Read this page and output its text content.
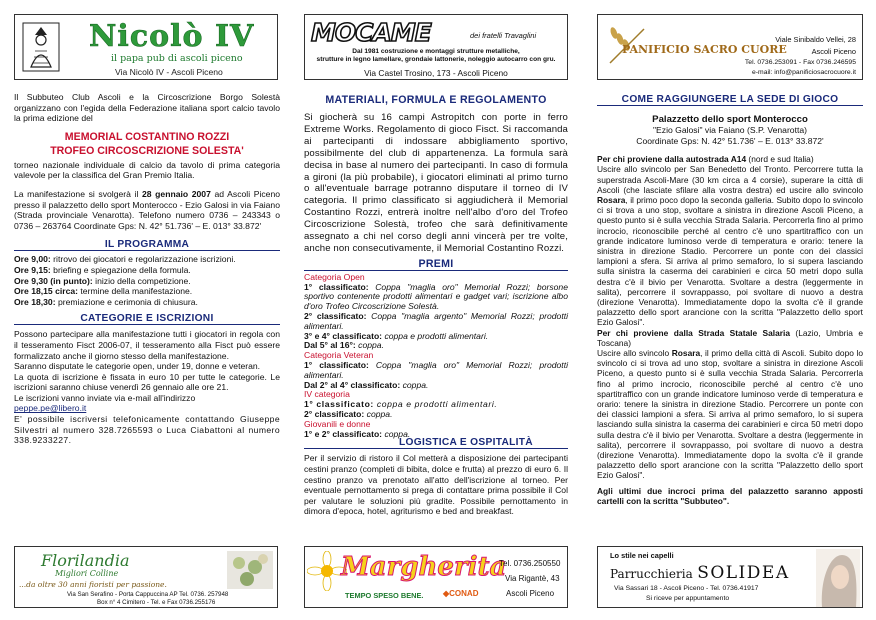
Nicolò IV
il papa pub di ascoli piceno
Via Nicolò IV - Ascoli Piceno

Il Subbuteo Club Ascoli e la Circoscrizione Borgo Solestà organizzano con l'egida della Federazione italiana sport calcio tavolo la prima edizione del

MEMORIAL COSTANTINO ROZZI
TROFEO CIRCOSCRIZIONE SOLESTA'

torneo nazionale individuale di calcio da tavolo di prima categoria valevole per la classifica del Gran Premio Italia.

La manifestazione si svolgerà il 28 gennaio 2007 ad Ascoli Piceno presso il palazzetto dello sport Monterocco - Ezio Galosi in via Faiano (Strada provinciale Venarotta). Telefono numero 0736 – 243343 o 0736 – 263764 Coordinate Gps: N. 42° 51.736' – E. 013° 33.872'

IL PROGRAMMA
Ore 9,00: ritrovo dei giocatori e regolarizzazione iscrizioni.
Ore 9,15: briefing e spiegazione della formula.
Ore 9,30 (in punto): inizio della competizione.
Ore 18,15 circa: termine della manifestazione.
Ore 18,30: premiazione e cerimonia di chiusura.
CATEGORIE E ISCRIZIONI

Possono partecipare alla manifestazione tutti i giocatori in regola con il tesseramento Fisct 2006-07, il tesseramento alla Fisct può essere formalizzato anche il giorno stesso della manifestazione.

Saranno disputate le categorie open, under 19, donne e veteran.

La quota di iscrizione è fissata in euro 10 per tutte le categorie. Le iscrizioni saranno chiuse venerdì 26 gennaio alle ore 21.

Le iscrizioni vanno inviate via e-mail all'indirizzo

peppe.pe@libero.it

E' possibile iscriversi telefonicamente contattando Giuseppe Silvestri al numero 328.7265593 o Luca Ciabattoni al numero 338.9233227.

Florilandia
Migliori Colline
...da oltre 30 anni fioristi per passione.
Via San Serafino - Porta Cappuccina AP Tel. 0736. 257948
Box n° 4 Cimitero - Tel. e Fax 0736.255176
MOCAME	dei fratelli Travaglini
Dal 1981 costruzione e montaggi strutture metalliche,
strutture in legno lamellare, grondaie lattonerie, noleggio autocarro con gru.
Via Castel Trosino, 173 - Ascoli Piceno
MATERIALI, FORMULA E REGOLAMENTO

Si giocherà su 16 campi Astropitch con porte in ferro Extreme Works. Regolamento di gioco Fisct. Si raccomanda ai partecipanti di indossare abbigliamento sportivo, possibilmente del club di appartenenza. La formula sarà decisa in base al numero dei partecipanti. In caso di formula a gironi (la più probabile), i giocatori eliminati al primo turno o all'eventuale barrage potranno disputare il torneo di IV categoria. Il primo classificato si aggiudicherà il Memorial Costantino Rozzi, entrerà inoltre nell'albo d'oro del Trofeo Circoscrizione Solestà, trofeo che sarà definitivamente assegnato a chi nel corso degli anni vincerà per tre volte, anche non consecutivamente, il Memorial Costantino Rozzi.

PREMI
Categoria Open
1° classificato: Coppa "maglia oro" Memorial Rozzi; borsone sportivo contenente prodotti alimentari e gadget vari; iscrizione albo d'oro Trofeo Circoscrizione Solestà.
2° classificato: Coppa "maglia argento" Memorial Rozzi; prodotti alimentari.
3° e 4° classificato: coppa e prodotti alimentari.
Dal 5° al 16°: coppa.
Categoria Veteran
1° classificato: Coppa "maglia oro" Memorial Rozzi; prodotti alimentari.
Dal 2° al 4° classificato: coppa.
IV categoria
1° classificato: coppa e prodotti alimentari.
2° classificato: coppa.
Giovanili e donne
1° e 2° classificato: coppa.
LOGISTICA E OSPITALITÀ

Per il servizio di ristoro il Col metterà a disposizione dei partecipanti cestini pranzo (completi di bibita, dolce e frutta) al prezzo di euro 6. Il cestino pranzo va prenotato all'atto dell'iscrizione al torneo. Per eventuale pernottamento si prega di contattare prima possibile il Col per valutare le soluzioni più gradite. Possibile pernottamento in dimora d'epoca, hotel, agriturismo e bed and breakfast.

Margherita
TEMPO SPESO BENE. ◆CONAD
Tel. 0736.250550
Via Rigantè, 43
Ascoli Piceno
PANIFICIO SACRO CUORE
Viale Sinibaldo Vellei, 28
Ascoli Piceno
Tel. 0736.253091 - Fax 0736.246595
e-mail: info@panificiosacrocuore.it
COME RAGGIUNGERE LA SEDE DI GIOCO
Palazzetto dello sport Monterocco
"Ezio Galosi" via Faiano (S.P. Venarotta)
Coordinate Gps: N. 42° 51.736' – E. 013° 33.872'

Per chi proviene dalla autostrada A14 (nord e sud Italia)
Uscire allo svincolo per San Benedetto del Tronto. Percorrere tutta la superstrada Ascoli-Mare (30 km circa a 4 corsie), superare la città di Ascoli (che lasciate sfilare alla vostra destra) ed uscire allo svincolo Rosara, il primo poco dopo la seconda galleria. Subito dopo lo svincolo ci si trova a uno stop, svoltare a sinistra in direzione Ascoli Piceno, a questo punto si è sulla vecchia Strada Salaria. Percorrerla fino al primo incrocio, riconoscibile perché al centro c'è uno spartitraffico con un grande indicatore luminoso verde di temperatura e orario: tenere la sinistra in direzione Stadio. Percorrere un ponte con dei classici lampioni a sfera. Si arriva al primo semaforo, lo si supera lasciando sulla sinistra la caserma dei carabinieri e circa 50 metri dopo sulla destra c'è il bivio per Venarotta. Svoltare a destra (leggermente in salita), percorrere il sovrappasso, poi svoltare di nuovo a destra (direzione Venarotta). Immediatamente dopo la svolta c'è il grande palazzetto dello sport arancione con la scritta "Palazzetto dello sport Ezio Galosi".

Per chi proviene dalla Strada Statale Salaria (Lazio, Umbria e Toscana)
Uscire allo svincolo Rosara, il primo della città di Ascoli. Subito dopo lo svincolo ci si trova ad uno stop, svoltare a sinistra in direzione Ascoli Piceno, a questo punto si è sulla vecchia Strada Salaria. Percorrerla fino al primo incrocio, riconoscibile perché al centro c'è uno spartitraffico con un grande indicatore luminoso verde di temperatura e orario: tenere la sinistra in direzione Stadio. Percorrere un ponte con dei classici lampioni a sfera. Si arriva al primo semaforo, lo si supera lasciando sulla sinistra la caserma dei carabinieri e circa 50 metri dopo sulla destra c'è il bivio per Venarotta. Svoltare a destra (leggermente in salita), percorrere il sovrappasso, poi svoltare di nuovo a destra (direzione Venarotta). Immediatamente dopo la svolta c'è il grande palazzetto dello sport arancione con la scritta "Palazzetto dello sport Ezio Galosi".

Agli ultimi due incroci prima del palazzetto saranno apposti cartelli con la scritta "Subbuteo".

Lo stile nei capelli
Parrucchieria SOLIDEA
Via Sassari 18 - Ascoli Piceno - Tel. 0736.41917
Si riceve per appuntamento
